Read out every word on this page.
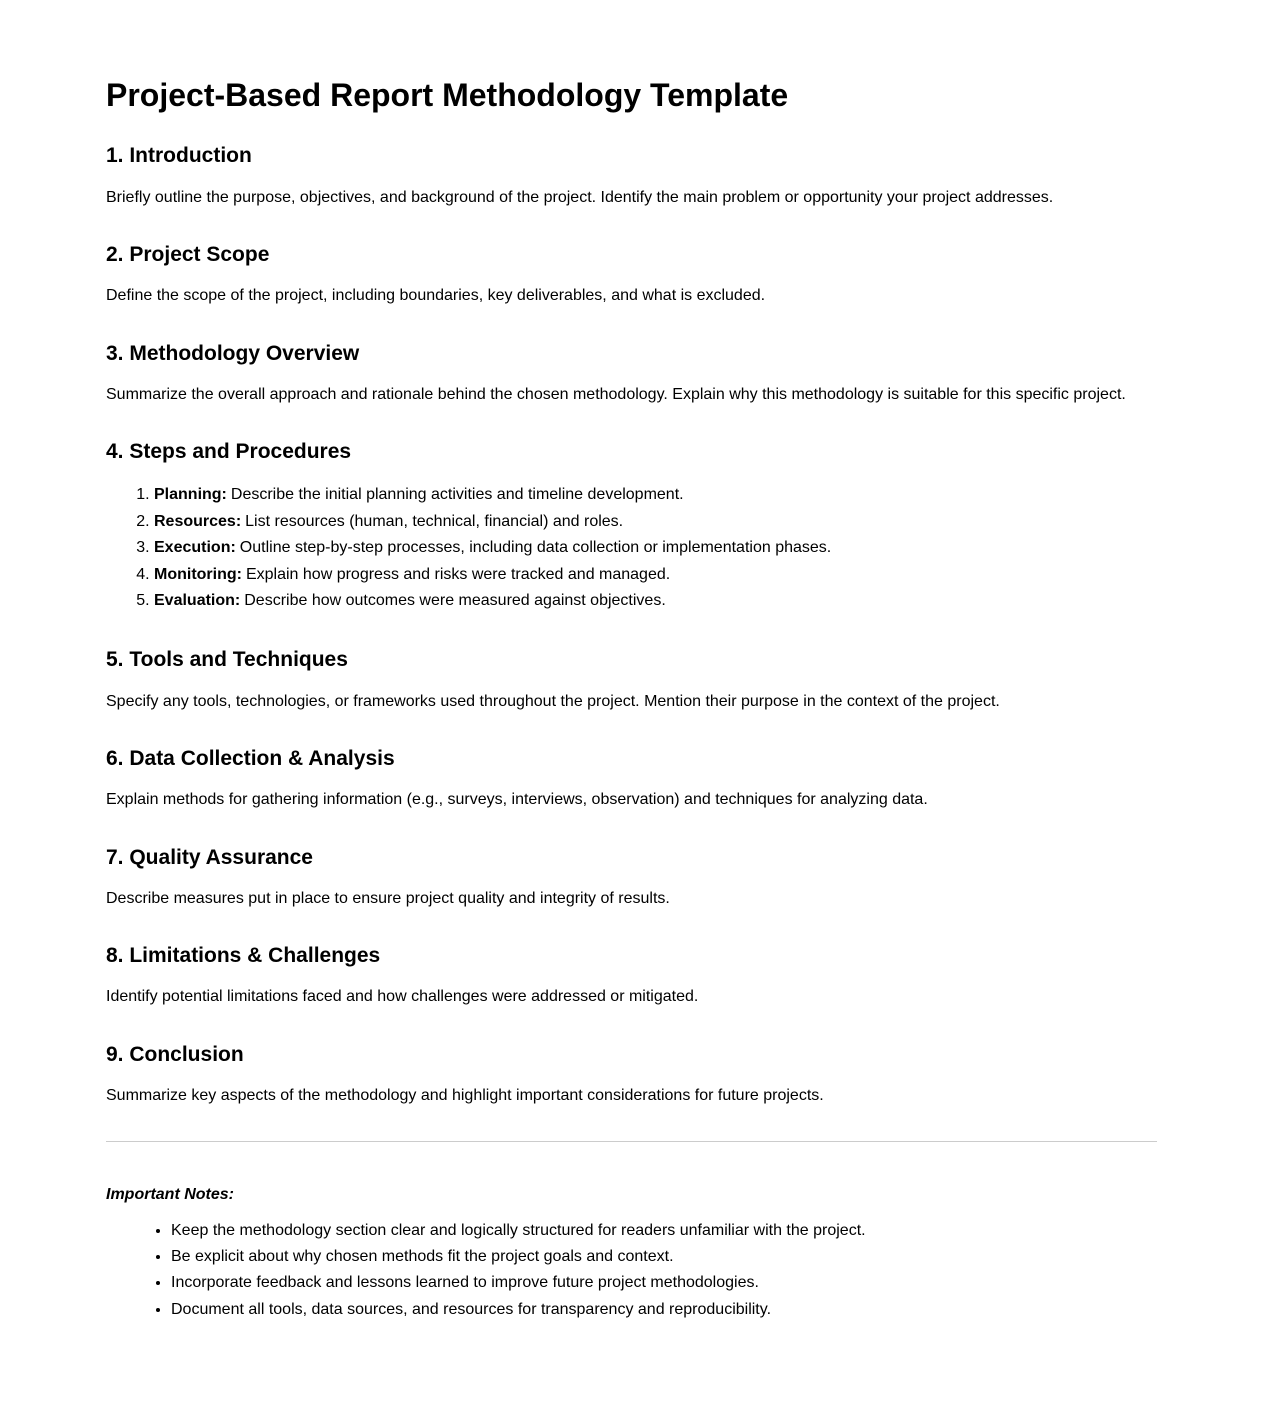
Project-Based Report Methodology Template
1. Introduction

Briefly outline the purpose, objectives, and background of the project. Identify the main problem or opportunity your project addresses.

2. Project Scope

Define the scope of the project, including boundaries, key deliverables, and what is excluded.

3. Methodology Overview

Summarize the overall approach and rationale behind the chosen methodology. Explain why this methodology is suitable for this specific project.

4. Steps and Procedures
1. Planning: Describe the initial planning activities and timeline development.
2. Resources: List resources (human, technical, financial) and roles.
3. Execution: Outline step-by-step processes, including data collection or implementation phases.
4. Monitoring: Explain how progress and risks were tracked and managed.
5. Evaluation: Describe how outcomes were measured against objectives.
5. Tools and Techniques

Specify any tools, technologies, or frameworks used throughout the project. Mention their purpose in the context of the project.

6. Data Collection & Analysis

Explain methods for gathering information (e.g., surveys, interviews, observation) and techniques for analyzing data.

7. Quality Assurance

Describe measures put in place to ensure project quality and integrity of results.

8. Limitations & Challenges

Identify potential limitations faced and how challenges were addressed or mitigated.

9. Conclusion

Summarize key aspects of the methodology and highlight important considerations for future projects.

Important Notes:

• Keep the methodology section clear and logically structured for readers unfamiliar with the project.
• Be explicit about why chosen methods fit the project goals and context.
• Incorporate feedback and lessons learned to improve future project methodologies.
• Document all tools, data sources, and resources for transparency and reproducibility.
